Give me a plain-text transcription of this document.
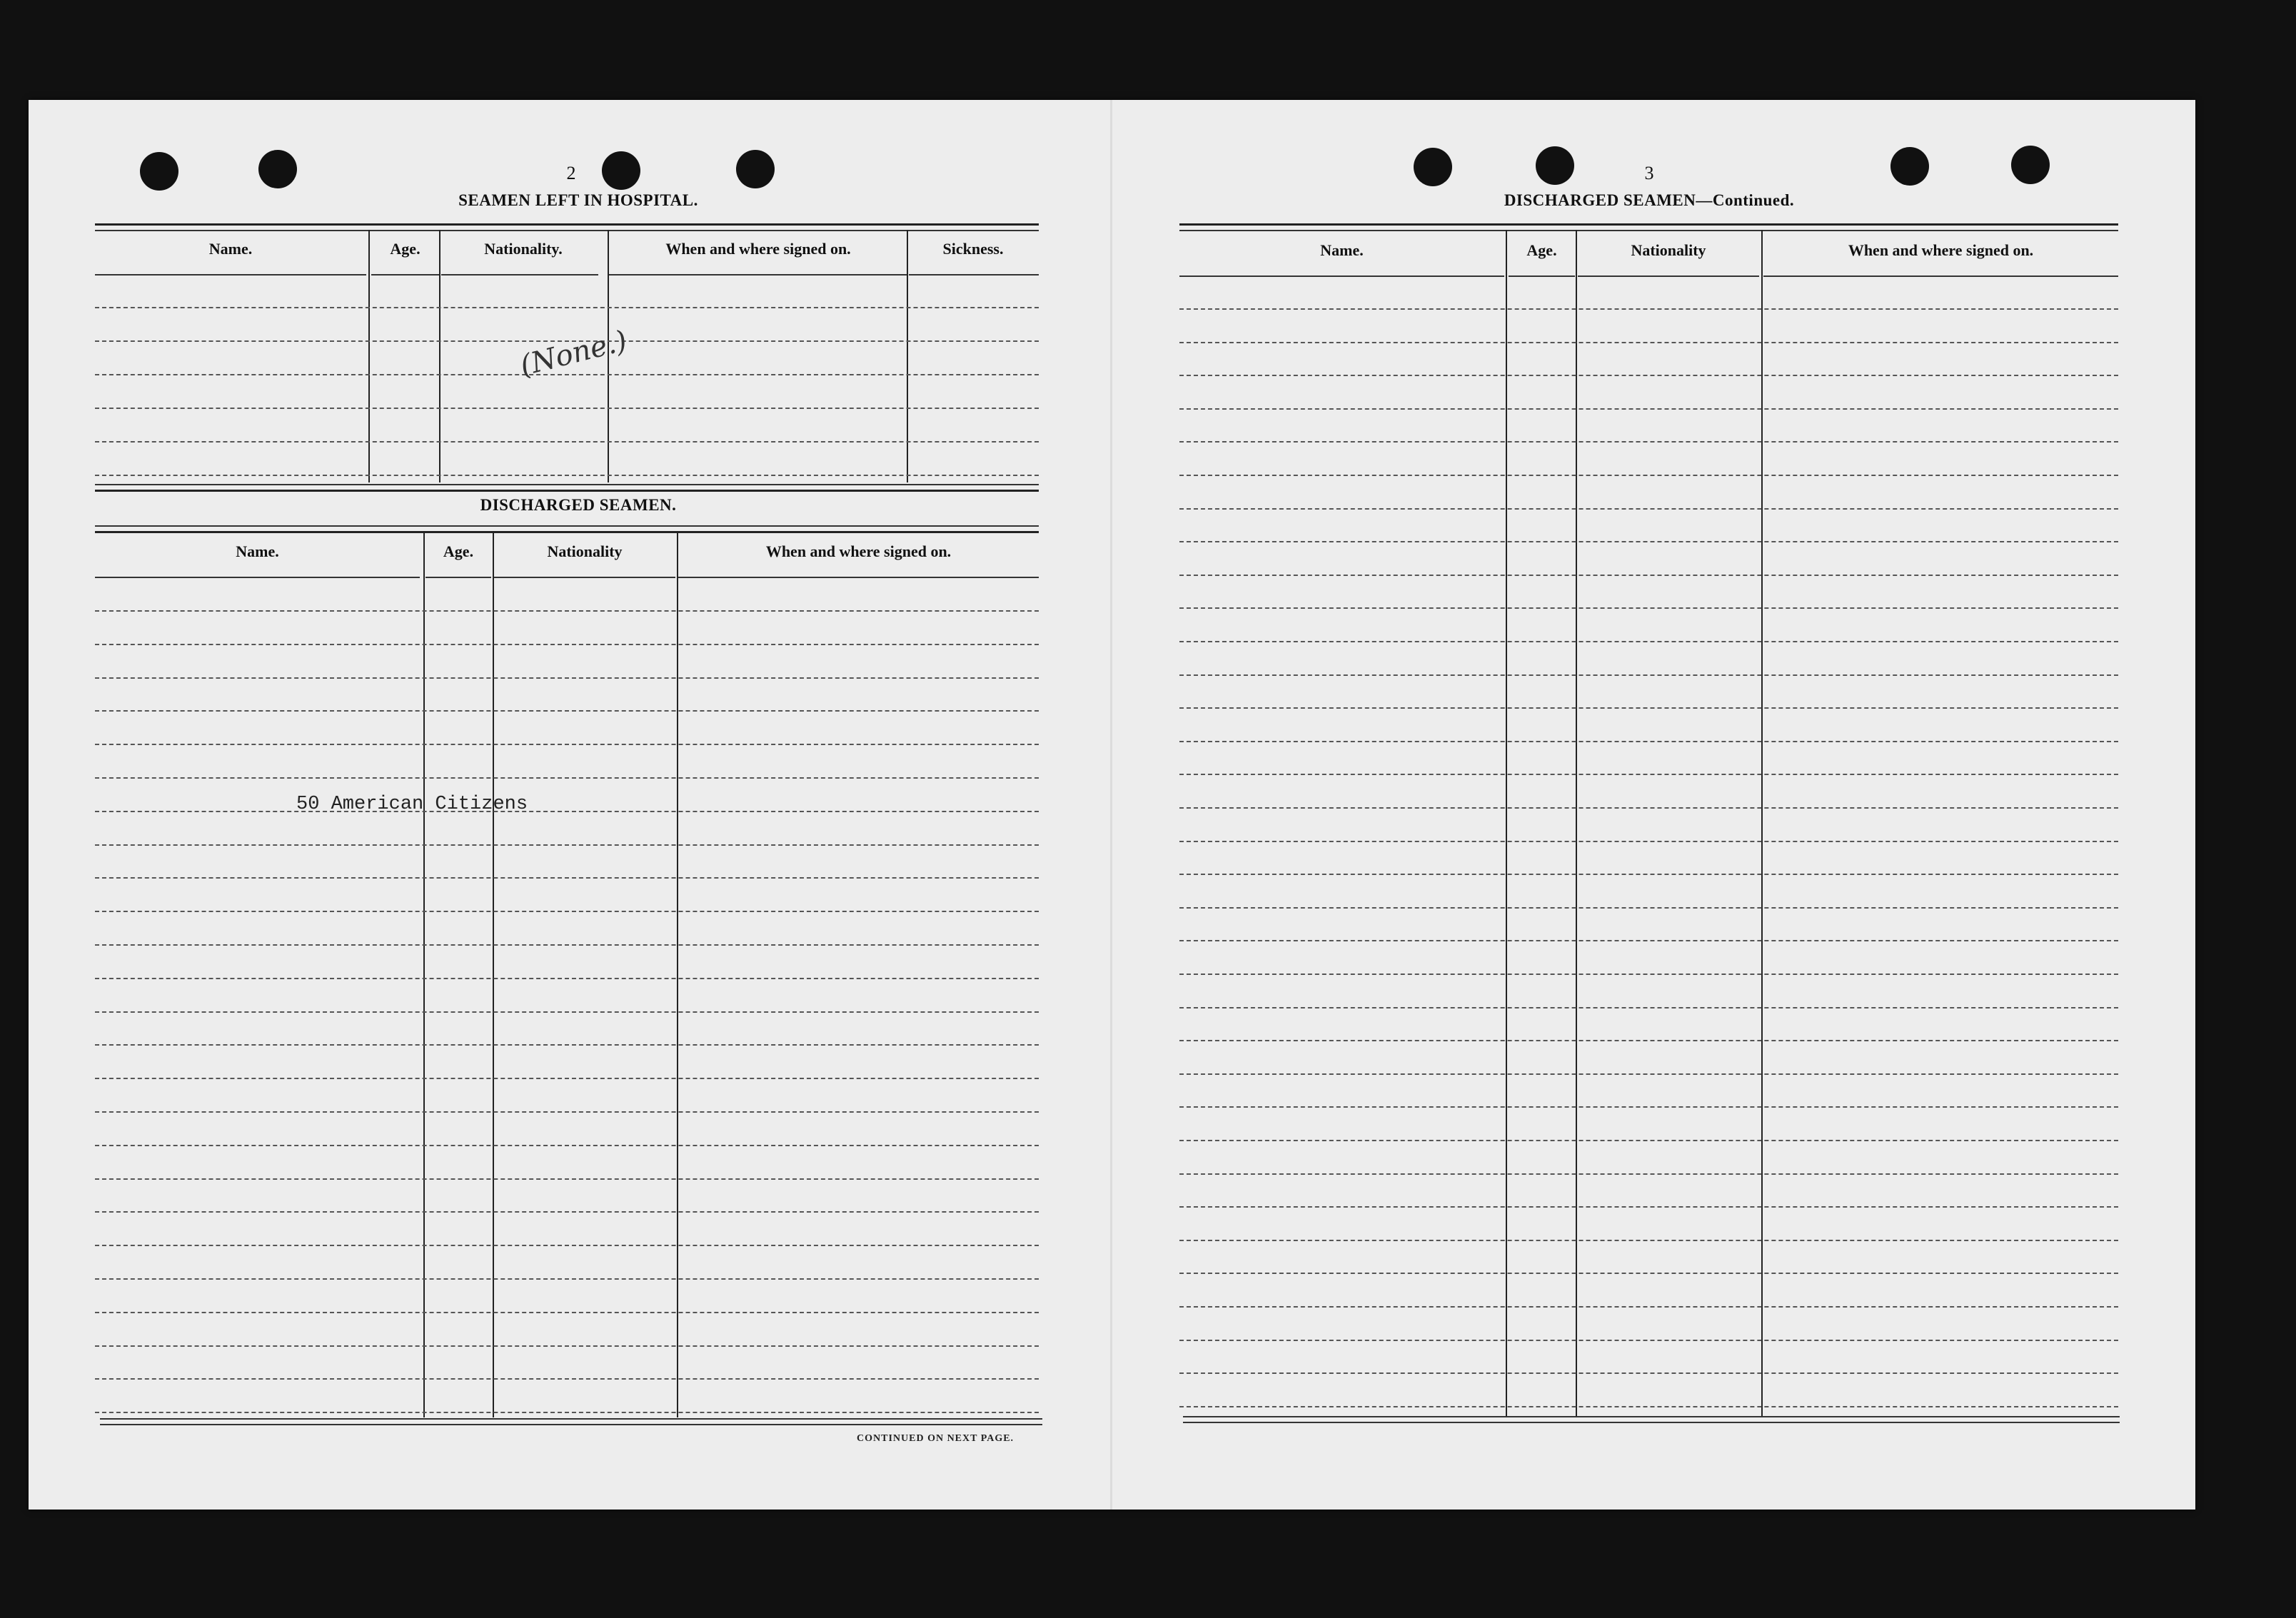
2
SEAMEN LEFT IN HOSPITAL.
Name.	Age.	Nationality.	When and where signed on.	Sickness.
(None.)
DISCHARGED SEAMEN.
Name.	Age.	Nationality	When and where signed on.
50 American Citizens
CONTINUED ON NEXT PAGE.
3
DISCHARGED SEAMEN—Continued.
Name.	Age.	Nationality	When and where signed on.
